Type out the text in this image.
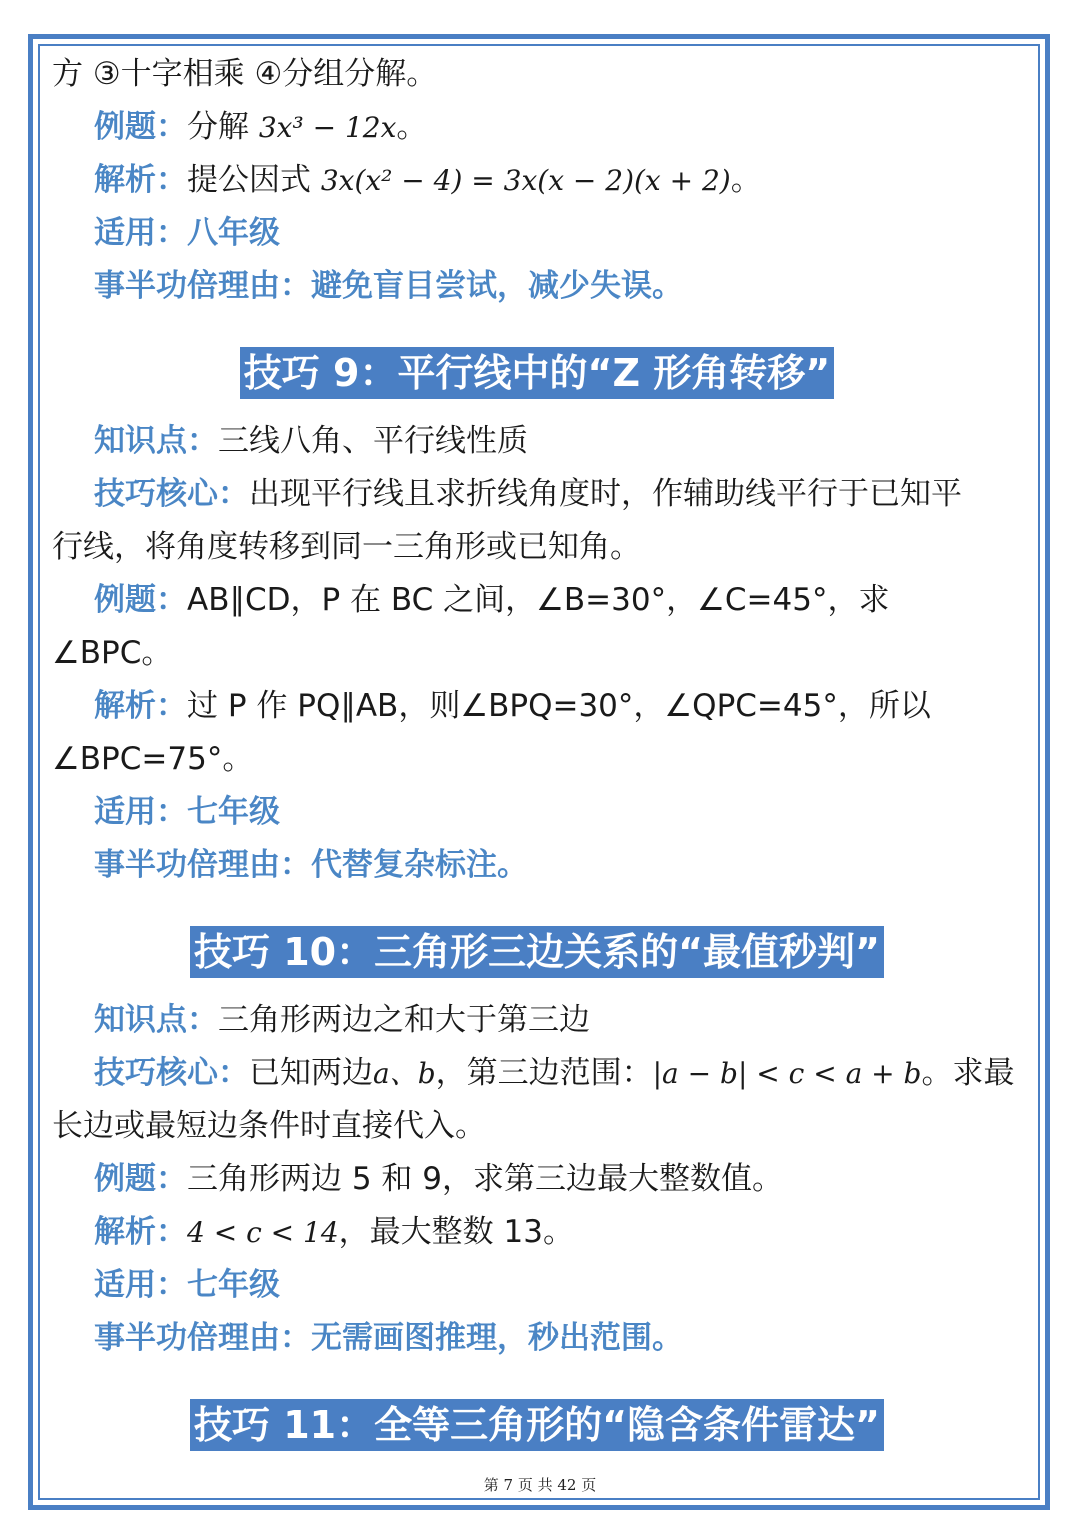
方 ③十字相乘 ④分组分解。

例题：分解 3x³ − 12x。

解析：提公因式 3x(x² − 4) = 3x(x − 2)(x + 2)。

适用：八年级

事半功倍理由：避免盲目尝试，减少失误。

技巧 9：平行线中的“Z 形角转移”

知识点：三线八角、平行线性质

技巧核心：出现平行线且求折线角度时，作辅助线平行于已知平

行线，将角度转移到同一三角形或已知角。

例题：AB∥CD，P 在 BC 之间，∠B=30°，∠C=45°，求

∠BPC。

解析：过 P 作 PQ∥AB，则∠BPQ=30°，∠QPC=45°，所以

∠BPC=75°。

适用：七年级

事半功倍理由：代替复杂标注。

技巧 10：三角形三边关系的“最值秒判”

知识点：三角形两边之和大于第三边

技巧核心：已知两边a、b，第三边范围：|a − b| < c < a + b。求最

长边或最短边条件时直接代入。

例题：三角形两边 5 和 9，求第三边最大整数值。

解析：4 < c < 14，最大整数 13。

适用：七年级

事半功倍理由：无需画图推理，秒出范围。

技巧 11：全等三角形的“隐含条件雷达”

第 7 页 共 42 页
